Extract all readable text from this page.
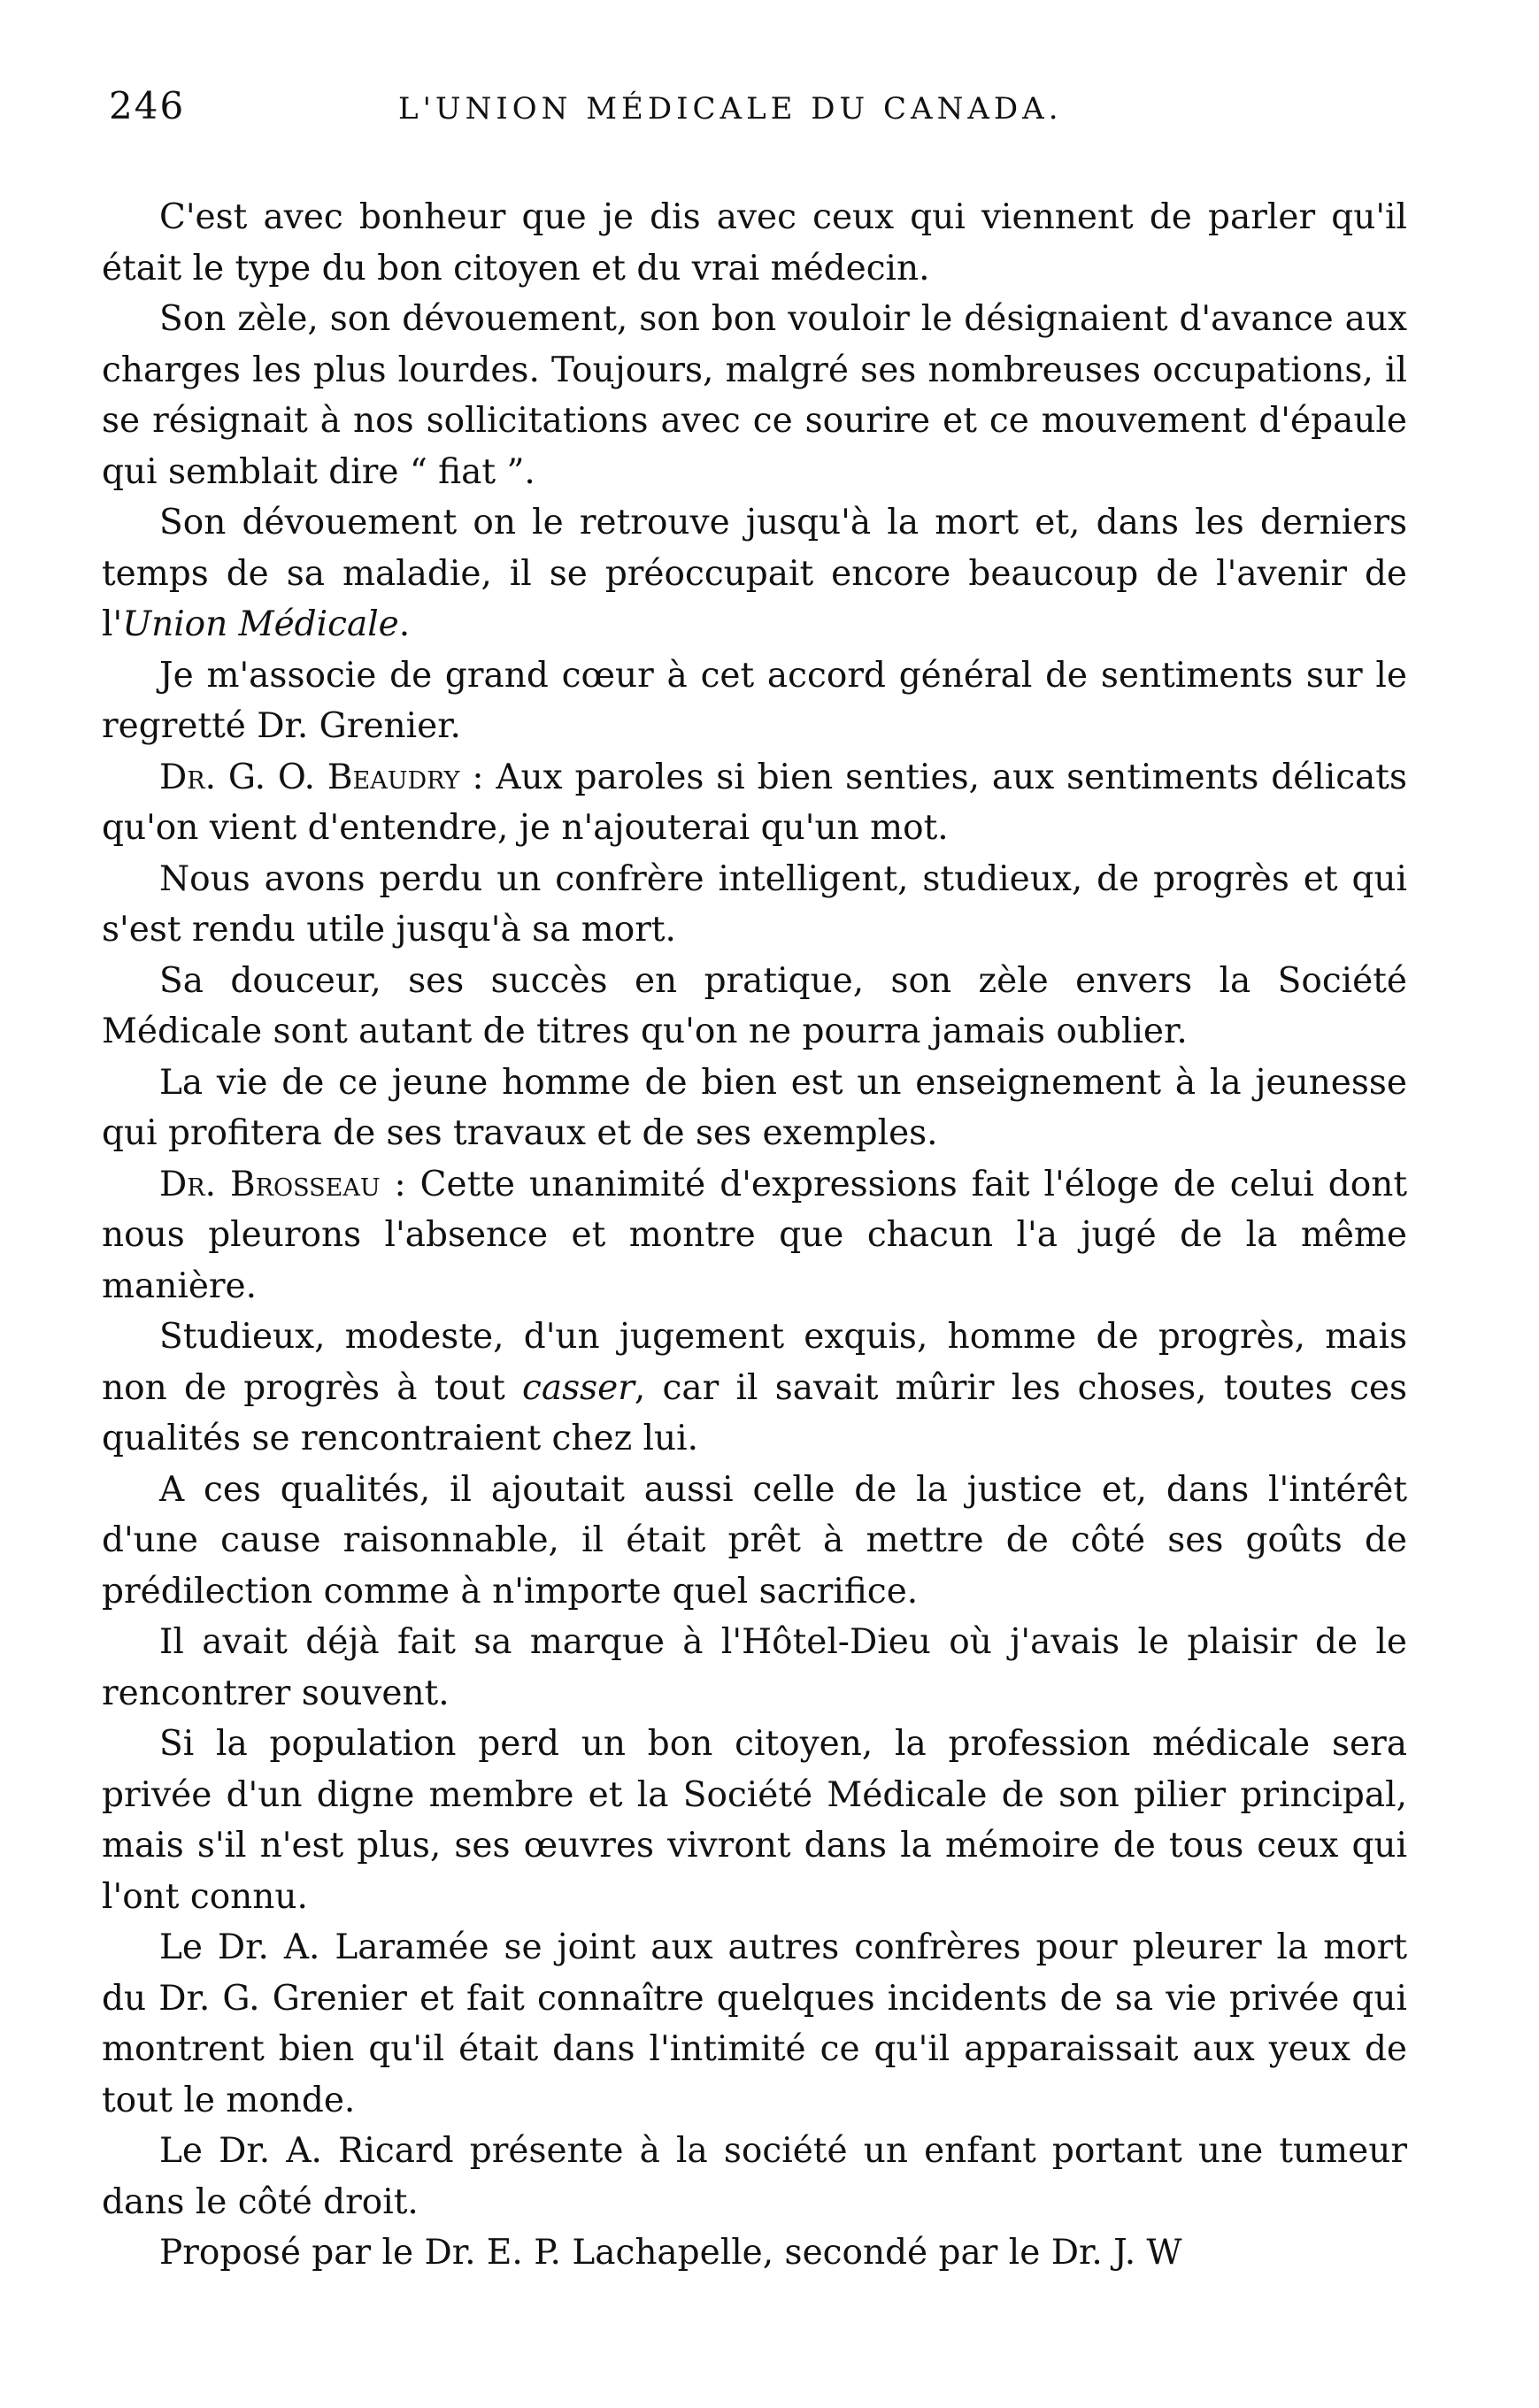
246	L'UNION MÉDICALE DU CANADA.

C'est avec bonheur que je dis avec ceux qui viennent de parler qu'il était le type du bon citoyen et du vrai médecin.

Son zèle, son dévouement, son bon vouloir le désignaient d'avance aux charges les plus lourdes. Toujours, malgré ses nombreuses occupations, il se résignait à nos sollicitations avec ce sourire et ce mouvement d'épaule qui semblait dire “ fiat ”.

Son dévouement on le retrouve jusqu'à la mort et, dans les derniers temps de sa maladie, il se préoccupait encore beaucoup de l'avenir de l'Union Médicale.

Je m'associe de grand cœur à cet accord général de sentiments sur le regretté Dr. Grenier.

Dr. G. O. Beaudry : Aux paroles si bien senties, aux sentiments délicats qu'on vient d'entendre, je n'ajouterai qu'un mot.

Nous avons perdu un confrère intelligent, studieux, de progrès et qui s'est rendu utile jusqu'à sa mort.

Sa douceur, ses succès en pratique, son zèle envers la Société Médicale sont autant de titres qu'on ne pourra jamais oublier.

La vie de ce jeune homme de bien est un enseignement à la jeunesse qui profitera de ses travaux et de ses exemples.

Dr. Brosseau : Cette unanimité d'expressions fait l'éloge de celui dont nous pleurons l'absence et montre que chacun l'a jugé de la même manière.

Studieux, modeste, d'un jugement exquis, homme de progrès, mais non de progrès à tout casser, car il savait mûrir les choses, toutes ces qualités se rencontraient chez lui.

A ces qualités, il ajoutait aussi celle de la justice et, dans l'intérêt d'une cause raisonnable, il était prêt à mettre de côté ses goûts de prédilection comme à n'importe quel sacrifice.

Il avait déjà fait sa marque à l'Hôtel-Dieu où j'avais le plaisir de le rencontrer souvent.

Si la population perd un bon citoyen, la profession médicale sera privée d'un digne membre et la Société Médicale de son pilier principal, mais s'il n'est plus, ses œuvres vivront dans la mémoire de tous ceux qui l'ont connu.

Le Dr. A. Laramée se joint aux autres confrères pour pleurer la mort du Dr. G. Grenier et fait connaître quelques incidents de sa vie privée qui montrent bien qu'il était dans l'intimité ce qu'il apparaissait aux yeux de tout le monde.

Le Dr. A. Ricard présente à la société un enfant portant une tumeur dans le côté droit.

Proposé par le Dr. E. P. Lachapelle, secondé par le Dr. J. W
